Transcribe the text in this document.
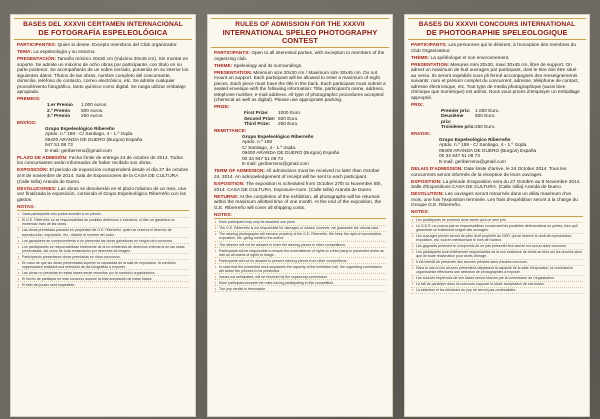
BASES DEL XXXVII CERTAMEN INTERNACIONAL
DE FOTOGRAFÍA ESPELEOLÓGICA
PARTICIPANTES: Quien lo desee. Excepto miembros del Club organizador.
TEMA: La espeleología y su entorno.
PRESENTACIÓN: Tamaño mínimo 20x30 cm (máximo 30x45 cm). Sin montar en soporte. Se admite un máximo de ocho obras por participante, con título en su parte posterior. Se acompañarán de un sobre cerrado, poniendo en su interior los siguientes datos: Títulos de las obras, nombre completo del concursante, domicilio, teléfono de contacto, correo electrónico, etc. Se admite cualquier procedimiento fotográfico, tanto químico como digital. Se ruega utilizar embalaje apropiado.
PREMIOS:
1.er Premio	1.000 euros.
2.º Premio	500 euros.
3.º Premio	250 euros.
ENVÍOS:
Grupo Espeleológico Ribereño
Aptdo. n.º 158 - C/ Santiago, 4 - 1.º Izqda.
09400 ARANDA DE DUERO (Burgos) España
947 51 08 73
E-mail: geriberreno@gmail.com
PLAZO DE ADMISIÓN: Fecha límite de entrega 24 de octubre de 2014. Todos los concursantes serán informados de haber recibido sus obras.
EXPOSICIÓN: El periodo de exposición comprenderá desde el día 27 de octubre al 8 de noviembre de 2014. Sala de Exposiciones de la CASA DE CULTURA (Calle Isilla) Aranda de Duero.
DEVOLUCIONES: Las obras se devolverán en el plazo máximo de un mes, una vez finalizada la exposición, corriendo el Grupo Espeleológico Riberreño con los gastos.
NOTAS:
• Cada participante sólo podrá acceder a un premio.
• El G.E. Riberreño no se responsabiliza de posibles deterioros o extravíos, si bien se garantiza un esmerado trato de las obras.
• Las obras premiadas pasarán en propiedad del G.E. Riberreño, quien se reserva el derecho de reproducción, exposición, etc., citando el nombre del autor.
• Los ganadores se comprometerán a no presentar las obras ganadoras en ningún otro concurso.
• Los participantes se responsabilizan totalmente de la no existencia de derechos a terceros en las obras presentadas, así como de toda reclamación por derechos de imagen.
• Participando presentarse obras premiadas en otros concursos.
• En caso de que las obras presentadas superen la capacidad de la sala de exposición, la comisión organizadora realizará una selección de las fotografías a exponer.
• Las obras no previstas en estas bases serán resueltas por la comisión organizadora.
• El hecho de participar en este concurso supone la total aceptación de estas bases.
• El fallo del jurado será inapelable.
RULES OF ADMISSION FOR THE XXXVII
INTERNATIONAL SPELEO PHOTOGRAPHY CONTEST
PARTICIPANTS: Open to all interested parties, with exception to members of the organizing club.
THEME: Speleology and its surroundings.
PRESENTATION: Minimum size 20x30 cm / Maximum size 30x45 cm. Do not mount on support. Each participant will be allowed to enter a maximum of eight pieces. Each piece must have the title in the back. Each participant must submit a sealed envelope with the following information: Title, participant's name, address, telephone number, e-mail address. All type of photographic procedures accepted (chemical as well as digital). Please use appropriate packing.
PRIZE:
First Prize:	1000 Euro.
Second Prize: 500 Euro.
Third Prize:	250 Euro.
REMITTANCE:
Grupo Espeleológico Riberreño
Aptdo. n.º 158
C/ Santiago, 4 - 1.º Izqda.
09400 ARANDA DE DUERO (Burgos) España
00 34 947 51 08 73
E-mail: geriberreno@gmail.com
TERM OF ADMISSION: All admissions must be received no later than October 24, 2014. An acknowledgement of receipt will be sent to each participant.
EXPOSITION: The exposition is scheduled from October 27th to November 8th, 2014. CASA DE CULTURA, Exposure-room. (Calle Isilla) Aranda de Duero.
RETURNS: At the completion of the exhibition, all photographs will be returned within the maximum allotted time of one month. At the end of the exposition, the G.E. Riberreño will cover all shipping costs.
NOTES:
• Each participant may only be awarded one prize.
• The G.E. Riberreño is not responsible for damages or losses; however, we guarantee the utmost care.
• The winning photographs will become property of the G.E. Riberreño. We keep the right of reproduction, exposition, etc. giving credit to the author.
• The winners will not be allowed to enter the winning pieces in other competitions.
• Participants will be responsible to ensure the nonexistence of rights to a third party in presented works as well as all claims of rights to image.
• Participants will not be allowed to present winning pieces from other competitions.
• In case that the presented work surpasses the capacity of the exhibition hall, the organizing commission will select the pictures to be presented.
• Issues not anticipated, will be resolved by the organizing commission.
• Each participant accepts the rules having participating in this competition.
• The jury verdict is irrevocable.
BASES DU XXXVII CONCOURS INTERNATIONAL
DE PHOTOGRAPHIE SPELEOLOGIQUE
PARTICIPANTS: Les personnes qui le désirent, à l'exception des membres du Club Organisateur.
THÈME: La spéléologie et son environnement.
PRESENTATION: Mesures mini 20x30, maxi 30x45 cm, libre de support. On admet un maximum de huit ouvrages par participant, dont le titre doit être situé au verso. Ils seront expédiés sous pli fermé accompagnés des renseignements suivants: nom et prénom complet du concurrent, adresse, téléphone de contact, adresse électronique, etc. Tout type de media photographique (aussi bien chimique que numérique) est admis. Nous vous prions d'employer un emballage approprié.
PRIX:
Premier prix: 1.000 Euro.
Deuxième prix:
500 Euro.
Troisième prix: 250 Euro.
ENVOIX:
Grupo Espeleológico Riberreño
Aptdo. n.º 158 - C/ Santiago, 4 - 1.º Izqda.
09400 ARANDA DE DUERO (Burgos) España
00 34 947 51 08 73
E-mail: geriberreno@gmail.com
DELAIS D'ADMISSION: Date limite d'arrive, le 24 October 2014. Tous les concurrents seront informés de la réception de leurs ouvrages.
EXPOSITION: La période d'exposition sera du 27 Octobre au 8 Novembre 2014. Salle d'Expositions CASA DE CULTURA. (Calle Isilla) Aranda de Duero.
DEVOLUTION: Les ouvrages seront retournés dans un délai maximum d'un mois, une fois l'exposition terminée. Les frais d'expédition seront à la charge du Groupe G.E. Riberreño.
NOTES:
• Les participants ne pourront avoir accès qu'à un seul prix.
• Le G.E.R. ne pourra pas se responsabiliser concernant les possibles détériorations ou pertes, bien qu'il garantisse un traitement soigné des ouvrages.
• Les ouvrages primés seront de plein droit propriété du GER, qui se réserve le droit de reproduction, exposition, etc, tout en mentionnant le nom de l'auteur.
• Les gagnants prennent le compromis de ne pas présenter leur œuvre sur aucun autre concours.
• Les participants sont entièrement responsables de la non existence de droits au tiers sur les œuvres ainsi que de toute réclamation pour droits d'image.
• Il est interdit de présenter des œuvres primées dans d'autres concours.
• Dans le cas où les œuvres présentées dépassent la capacité de la salle d'exposition, la commission organisatrice effectuera une sélection de photographies à exposer.
• Les sources imprévues de ces bases seront résolus par la commission de l'organisation.
• Le fait de participer dans ce concours suppose la totale acceptation de ces bases.
• La sélection et les décisions du jury ne seront pas contestables.
